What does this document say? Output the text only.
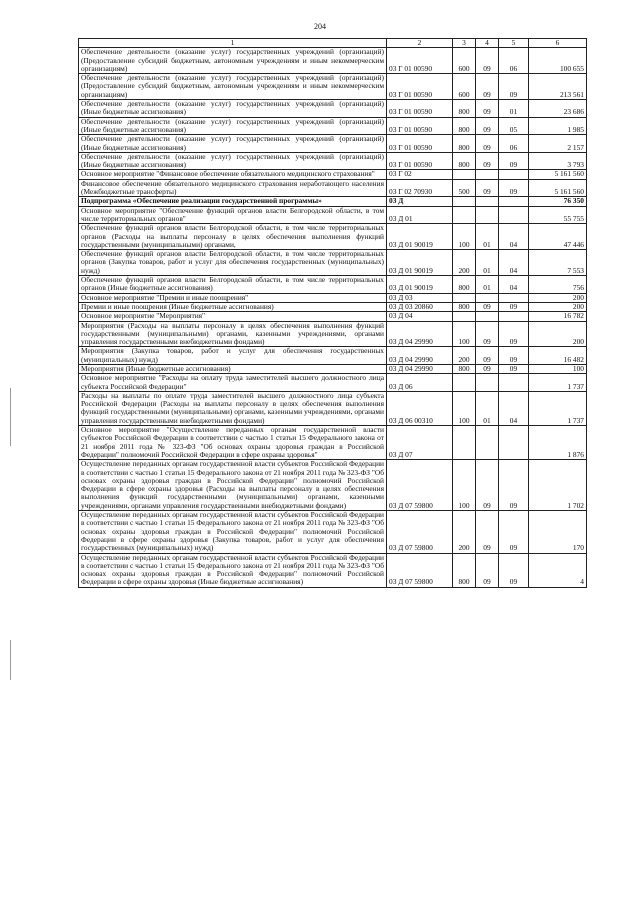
204
1	2	3	4	5	6
Обеспечение деятельности (оказание услуг) государственных учреждений (организаций) (Предоставление субсидий бюджетным, автономным учреждениям и иным некоммерческим организациям)	03 Г 01 00590	600	09	06	100 655
Обеспечение деятельности (оказание услуг) государственных учреждений (организаций) (Предоставление субсидий бюджетным, автономным учреждениям и иным некоммерческим организациям)	03 Г 01 00590	600	09	09	213 561
Обеспечение деятельности (оказание услуг) государственных учреждений (организаций) (Иные бюджетные ассигнования)	03 Г 01 00590	800	09	01	23 686
Обеспечение деятельности (оказание услуг) государственных учреждений (организаций) (Иные бюджетные ассигнования)	03 Г 01 00590	800	09	05	1 985
Обеспечение деятельности (оказание услуг) государственных учреждений (организаций) (Иные бюджетные ассигнования)	03 Г 01 00590	800	09	06	2 157
Обеспечение деятельности (оказание услуг) государственных учреждений (организаций) (Иные бюджетные ассигнования)	03 Г 01 00590	800	09	09	3 793
Основное мероприятие "Финансовое обеспечение обязательного медицинского страхования"	03 Г 02				5 161 560
Финансовое обеспечение обязательного медицинского страхования неработающего населения (Межбюджетные трансферты)	03 Г 02 70930	500	09	09	5 161 560
Подпрограмма «Обеспечение реализации государственной программы»	03 Д				76 350
Основное мероприятие "Обеспечение функций органов власти Белгородской области, в том числе территориальных органов"	03 Д 01				55 755
Обеспечение функций органов власти Белгородской области, в том числе территориальных органов (Расходы на выплаты персоналу в целях обеспечения выполнения функций государственными (муниципальными) органами,	03 Д 01 90019	100	01	04	47 446
Обеспечение функций органов власти Белгородской области, в том числе территориальных органов (Закупка товаров, работ и услуг для обеспечения государственных (муниципальных) нужд)	03 Д 01 90019	200	01	04	7 553
Обеспечение функций органов власти Белгородской области, в том числе территориальных органов (Иные бюджетные ассигнования)	03 Д 01 90019	800	01	04	756
Основное мероприятие "Премии и иные поощрения"	03 Д 03				200
Премии и иные поощрения (Иные бюджетные ассигнования)	03 Д 03 20860	800	09	09	200
Основное мероприятие "Мероприятия"	03 Д 04				16 782
Мероприятия (Расходы на выплаты персоналу в целях обеспечения выполнения функций государственными (муниципальными) органами, казенными учреждениями, органами управления государственными внебюджетными фондами)	03 Д 04 29990	100	09	09	200
Мероприятия (Закупка товаров, работ и услуг для обеспечения государственных (муниципальных) нужд)	03 Д 04 29990	200	09	09	16 482
Мероприятия (Иные бюджетные ассигнования)	03 Д 04 29990	800	09	09	100
Основное мероприятие "Расходы на оплату труда заместителей высшего должностного лица субъекта Российской Федерации"	03 Д 06				1 737
Расходы на выплаты по оплате труда заместителей высшего должностного лица субъекта Российской Федерации (Расходы на выплаты персоналу в целях обеспечения выполнения функций государственными (муниципальными) органами, казенными учреждениями, органами управления государственными внебюджетными фондами)	03 Д 06 00310	100	01	04	1 737
Основное мероприятие "Осуществление переданных органам государственной власти субъектов Российской Федерации в соответствии с частью 1 статьи 15 Федерального закона от 21 ноября 2011 года № 323-ФЗ "Об основах охраны здоровья граждан в Российской Федерации" полномочий Российской Федерации в сфере охраны здоровья"	03 Д 07				1 876
Осуществление переданных органам государственной власти субъектов Российской Федерации в соответствии с частью 1 статьи 15 Федерального закона от 21 ноября 2011 года № 323-ФЗ "Об основах охраны здоровья граждан в Российской Федерации" полномочий Российской Федерации в сфере охраны здоровья (Расходы на выплаты персоналу в целях обеспечения выполнения функций государственными (муниципальными) органами, казенными учреждениями, органами управления государственными внебюджетными фондами)	03 Д 07 59800	100	09	09	1 702
Осуществление переданных органам государственной власти субъектов Российской Федерации в соответствии с частью 1 статьи 15 Федерального закона от 21 ноября 2011 года № 323-ФЗ "Об основах охраны здоровья граждан в Российской Федерации" полномочий Российской Федерации в сфере охраны здоровья (Закупка товаров, работ и услуг для обеспечения государственных (муниципальных) нужд)	03 Д 07 59800	200	09	09	170
Осуществление переданных органам государственной власти субъектов Российской Федерации в соответствии с частью 1 статьи 15 Федерального закона от 21 ноября 2011 года № 323-ФЗ "Об основах охраны здоровья граждан в Российской Федерации" полномочий Российской Федерации в сфере охраны здоровья (Иные бюджетные ассигнования)	03 Д 07 59800	800	09	09	4
